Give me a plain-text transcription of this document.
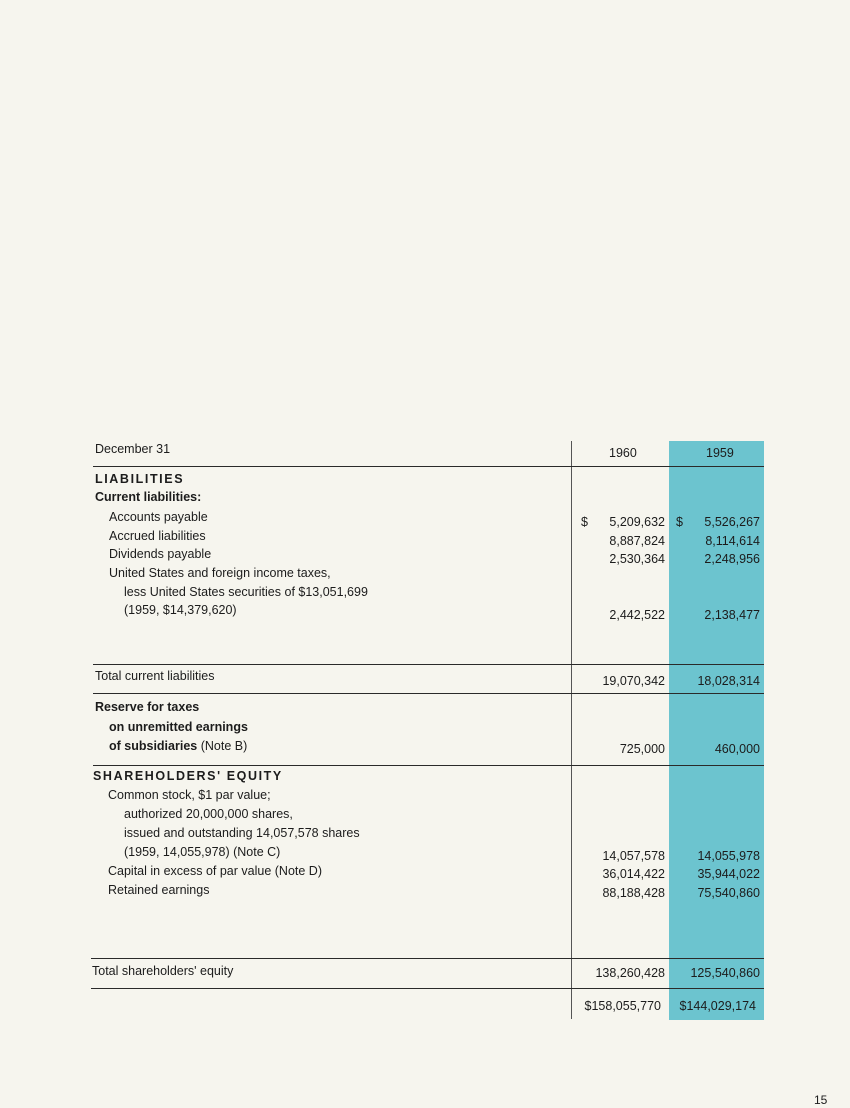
December 31	1960	1959
LIABILITIES
Current liabilities:
Accounts payable	$ 5,209,632 $ 5,526,267
Accrued liabilities	8,887,824	8,114,614
Dividends payable	2,530,364	2,248,956
United States and foreign income taxes,
less United States securities of $13,051,699
(1959, $14,379,620)	2,442,522	2,138,477
Total current liabilities	19,070,342	18,028,314
Reserve for taxes
on unremitted earnings
of subsidiaries (Note B)	725,000	460,000
SHAREHOLDERS' EQUITY
Common stock, $1 par value;
authorized 20,000,000 shares,
issued and outstanding 14,057,578 shares
(1959, 14,055,978) (Note C)	14,057,578	14,055,978
Capital in excess of par value (Note D)	36,014,422	35,944,022
Retained earnings	88,188,428	75,540,860
Total shareholders' equity	138,260,428 125,540,860
$158,055,770 $144,029,174
15
